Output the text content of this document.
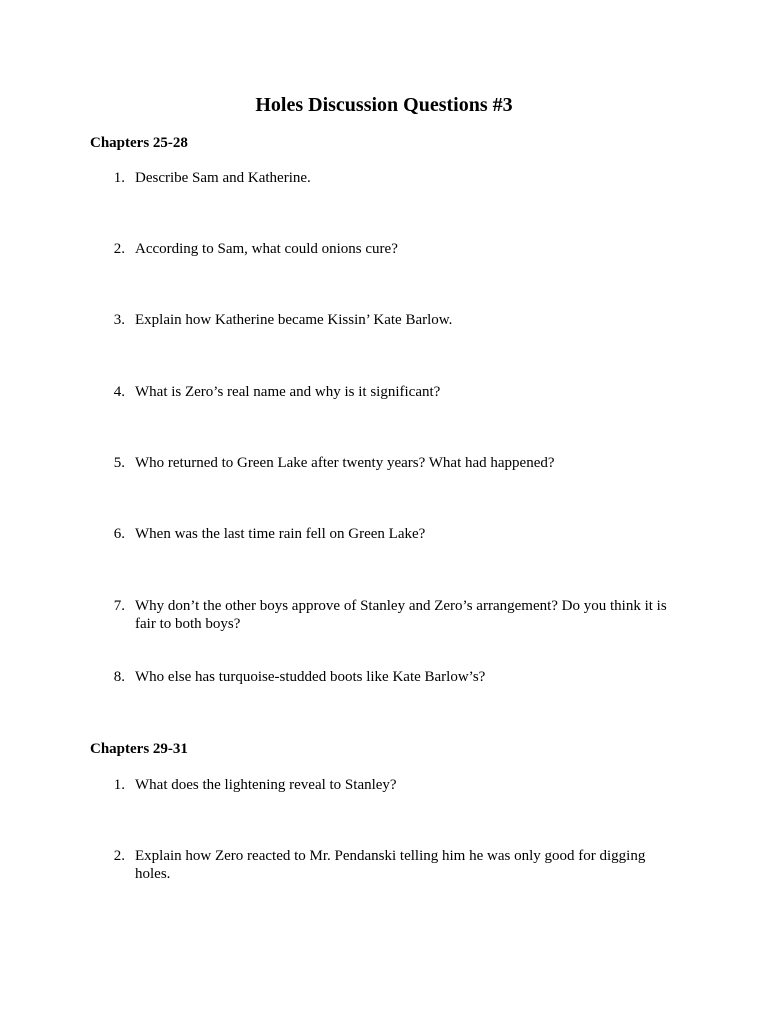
Holes Discussion Questions #3
Chapters 25-28
1. Describe Sam and Katherine.
2. According to Sam, what could onions cure?
3. Explain how Katherine became Kissin’ Kate Barlow.
4. What is Zero’s real name and why is it significant?
5. Who returned to Green Lake after twenty years? What had happened?
6. When was the last time rain fell on Green Lake?
7. Why don’t the other boys approve of Stanley and Zero’s arrangement? Do you think it is fair to both boys?
8. Who else has turquoise-studded boots like Kate Barlow’s?
Chapters 29-31
1. What does the lightening reveal to Stanley?
2. Explain how Zero reacted to Mr. Pendanski telling him he was only good for digging holes.
